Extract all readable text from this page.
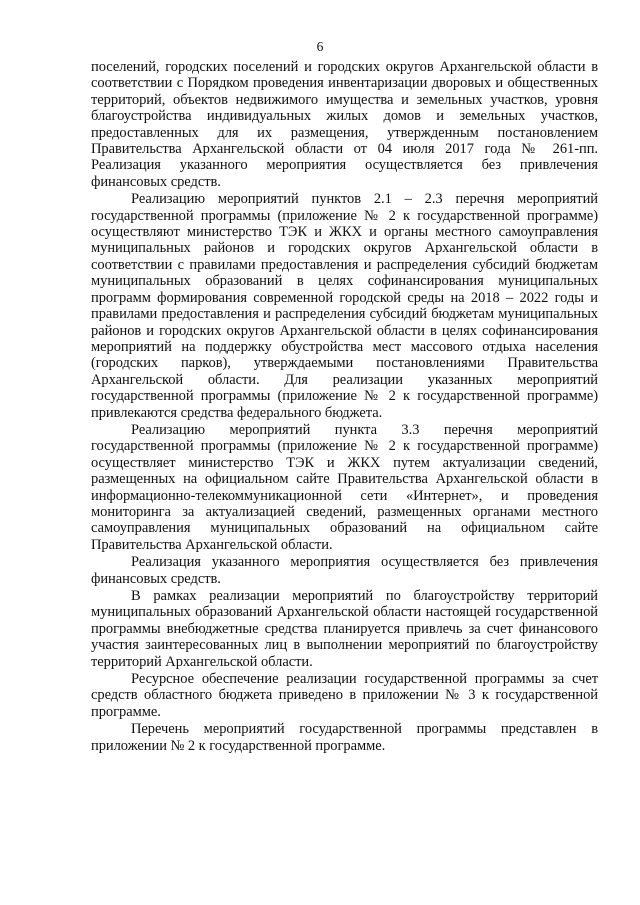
6

поселений, городских поселений и городских округов Архангельской области в соответствии с Порядком проведения инвентаризации дворовых и общественных территорий, объектов недвижимого имущества и земельных участков, уровня благоустройства индивидуальных жилых домов и земельных участков, предоставленных для их размещения, утвержденным постановлением Правительства Архангельской области от 04 июля 2017 года № 261-пп. Реализация указанного мероприятия осуществляется без привлечения финансовых средств.

Реализацию мероприятий пунктов 2.1 – 2.3 перечня мероприятий государственной программы (приложение № 2 к государственной программе) осуществляют министерство ТЭК и ЖКХ и органы местного самоуправления муниципальных районов и городских округов Архангельской области в соответствии с правилами предоставления и распределения субсидий бюджетам муниципальных образований в целях софинансирования муниципальных программ формирования современной городской среды на 2018 – 2022 годы и правилами предоставления и распределения субсидий бюджетам муниципальных районов и городских округов Архангельской области в целях софинансирования мероприятий на поддержку обустройства мест массового отдыха населения (городских парков), утверждаемыми постановлениями Правительства Архангельской области. Для реализации указанных мероприятий государственной программы (приложение № 2 к государственной программе) привлекаются средства федерального бюджета.

Реализацию мероприятий пункта 3.3 перечня мероприятий государственной программы (приложение № 2 к государственной программе) осуществляет министерство ТЭК и ЖКХ путем актуализации сведений, размещенных на официальном сайте Правительства Архангельской области в информационно-телекоммуникационной сети «Интернет», и проведения мониторинга за актуализацией сведений, размещенных органами местного самоуправления муниципальных образований на официальном сайте Правительства Архангельской области.

Реализация указанного мероприятия осуществляется без привлечения финансовых средств.

В рамках реализации мероприятий по благоустройству территорий муниципальных образований Архангельской области настоящей государственной программы внебюджетные средства планируется привлечь за счет финансового участия заинтересованных лиц в выполнении мероприятий по благоустройству территорий Архангельской области.

Ресурсное обеспечение реализации государственной программы за счет средств областного бюджета приведено в приложении № 3 к государственной программе.

Перечень мероприятий государственной программы представлен в приложении № 2 к государственной программе.
